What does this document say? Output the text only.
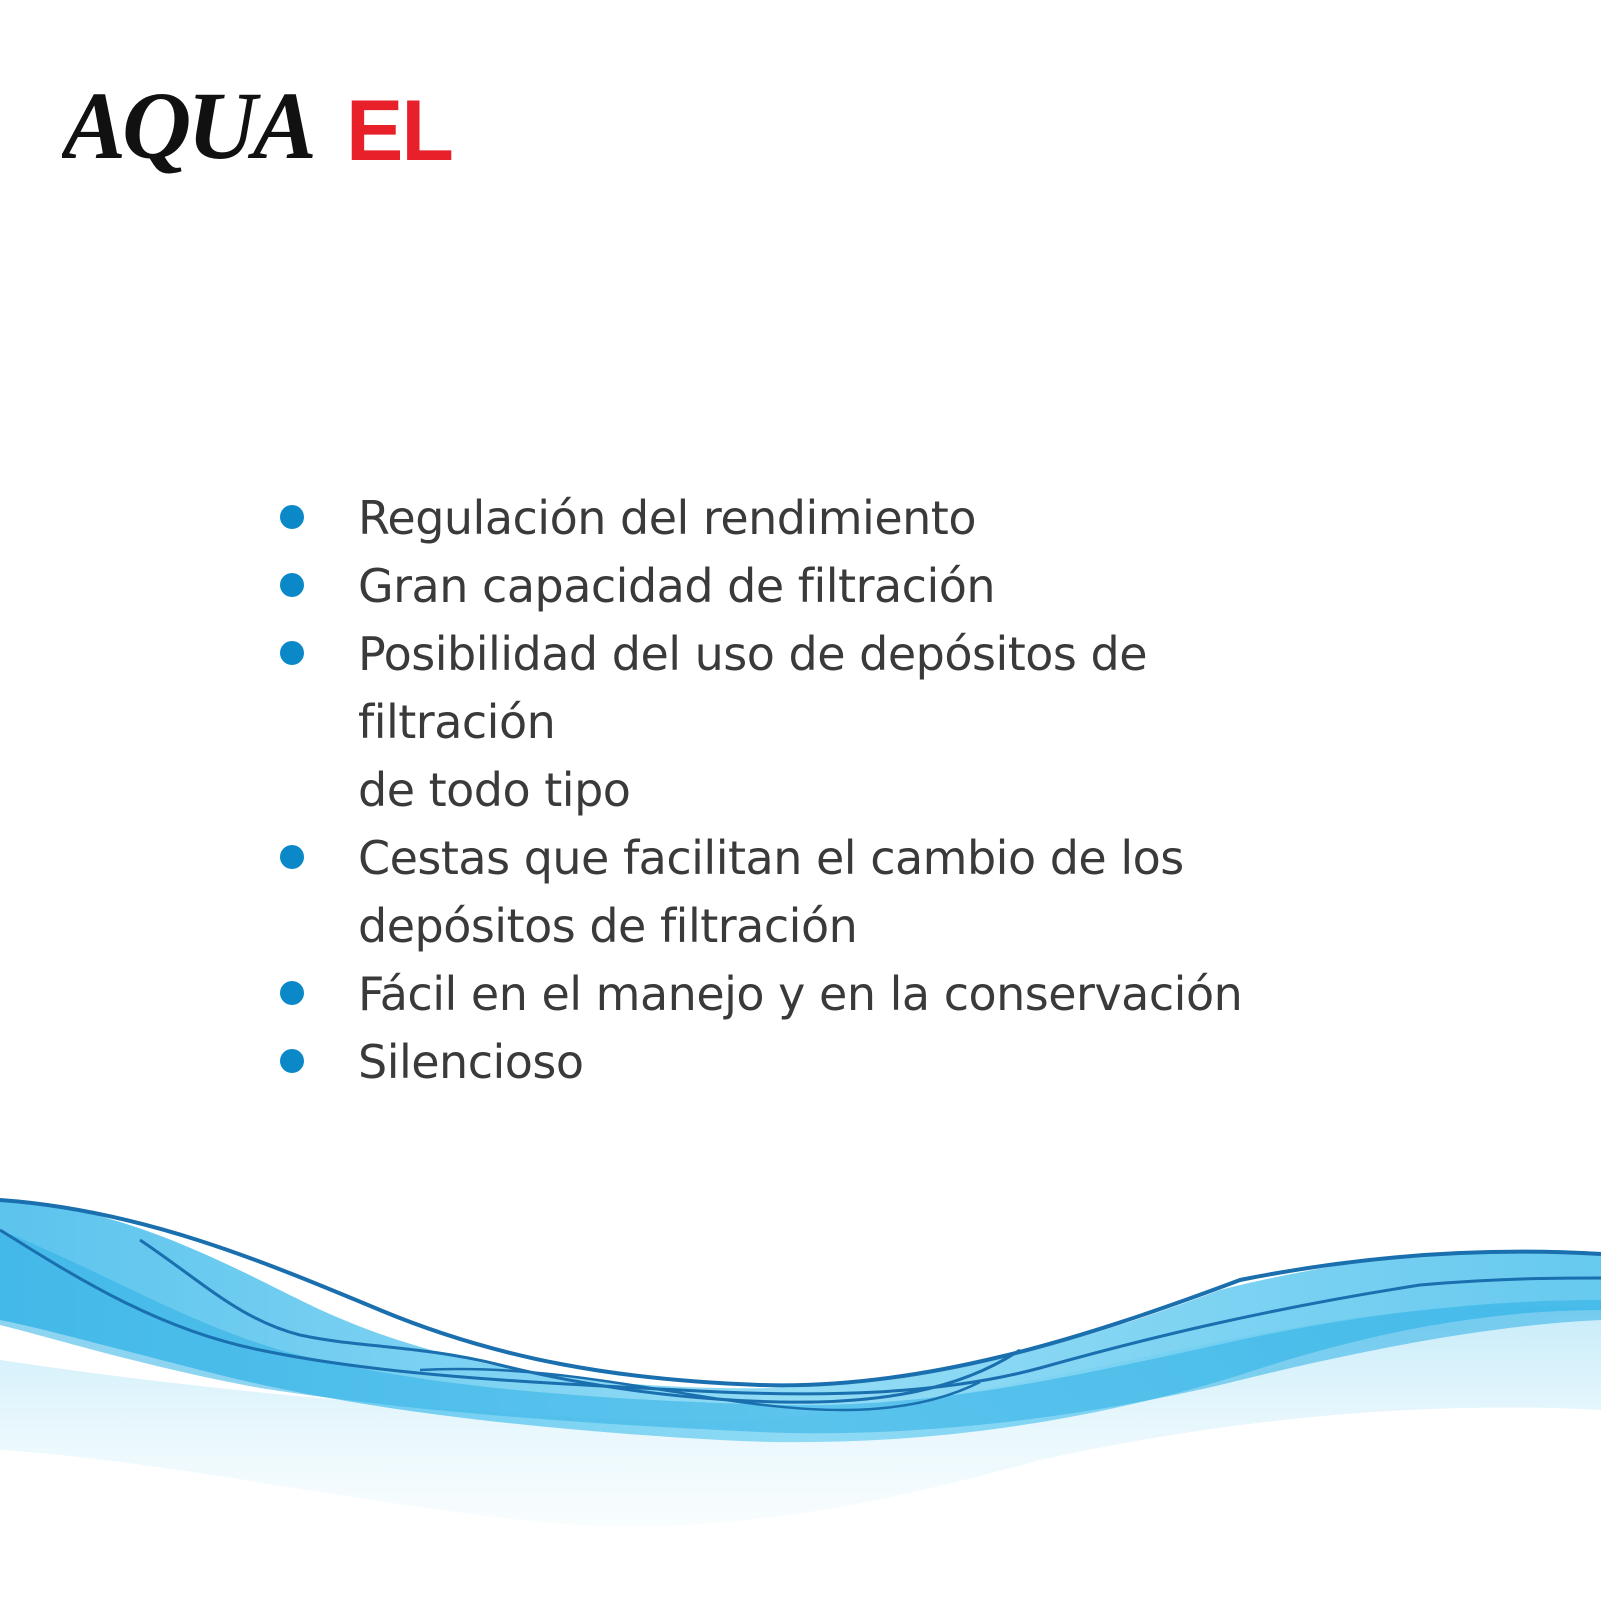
AQUA EL
Regulación del rendimiento
Gran capacidad de filtración
Posibilidad del uso de depósitos de filtración
de todo tipo
Cestas que facilitan el cambio de los
depósitos de filtración
Fácil en el manejo y en la conservación
Silencioso
